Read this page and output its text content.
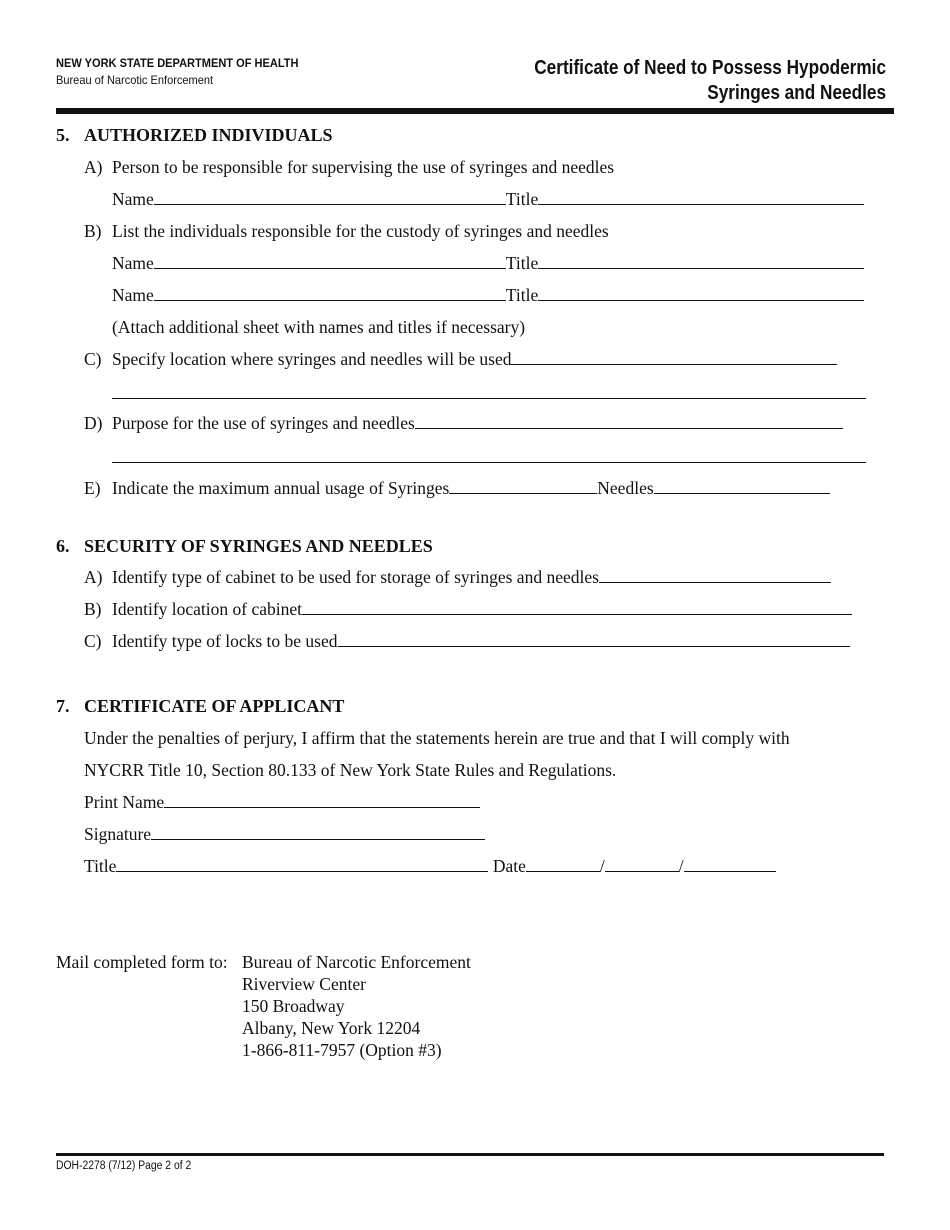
NEW YORK STATE DEPARTMENT OF HEALTH
Bureau of Narcotic Enforcement
Certificate of Need to Possess Hypodermic
Syringes and Needles
5. AUTHORIZED INDIVIDUALS
A) Person to be responsible for supervising the use of syringes and needles
Name	Title
B) List the individuals responsible for the custody of syringes and needles
Name	Title
Name	Title
(Attach additional sheet with names and titles if necessary)
C) Specify location where syringes and needles will be used
D) Purpose for the use of syringes and needles
E) Indicate the maximum annual usage of Syringes	Needles
6. SECURITY OF SYRINGES AND NEEDLES
A) Identify type of cabinet to be used for storage of syringes and needles
B) Identify location of cabinet
C) Identify type of locks to be used
7. CERTIFICATE OF APPLICANT
Under the penalties of perjury, I affirm that the statements herein are true and that I will comply with
NYCRR Title 10, Section 80.133 of New York State Rules and Regulations.
Print Name
Signature
Title	Date	/	/
Mail completed form to: Bureau of Narcotic Enforcement
Riverview Center
150 Broadway
Albany, New York 12204
1-866-811-7957 (Option #3)
DOH-2278 (7/12) Page 2 of 2
